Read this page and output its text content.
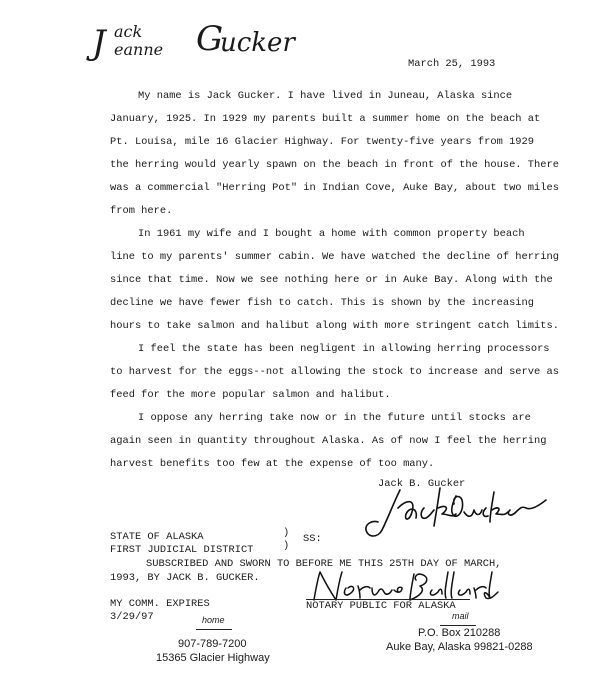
J ack
eanne G
ucker
March 25, 1993
My name is Jack Gucker. I have lived in Juneau, Alaska since
January, 1925. In 1929 my parents built a summer home on the beach at
Pt. Louisa, mile 16 Glacier Highway. For twenty-five years from 1929
the herring would yearly spawn on the beach in front of the house. There
was a commercial "Herring Pot" in Indian Cove, Auke Bay, about two miles
from here.
In 1961 my wife and I bought a home with common property beach
line to my parents' summer cabin. We have watched the decline of herring
since that time. Now we see nothing here or in Auke Bay. Along with the
decline we have fewer fish to catch. This is shown by the increasing
hours to take salmon and halibut along with more stringent catch limits.
I feel the state has been negligent in allowing herring processors
to harvest for the eggs--not allowing the stock to increase and serve as
feed for the more popular salmon and halibut.
I oppose any herring take now or in the future until stocks are
again seen in quantity throughout Alaska. As of now I feel the herring
harvest benefits too few at the expense of too many.
Jack B. Gucker
STATE OF ALASKA
FIRST JUDICIAL DISTRICT
)
)
SS:
SUBSCRIBED AND SWORN TO BEFORE ME THIS 25TH DAY OF MARCH,
1993, BY JACK B. GUCKER.
MY COMM. EXPIRES
3/29/97
NOTARY PUBLIC FOR ALASKA
home
907-789-7200
15365 Glacier Highway
mail
P.O. Box 210288
Auke Bay, Alaska 99821-0288
